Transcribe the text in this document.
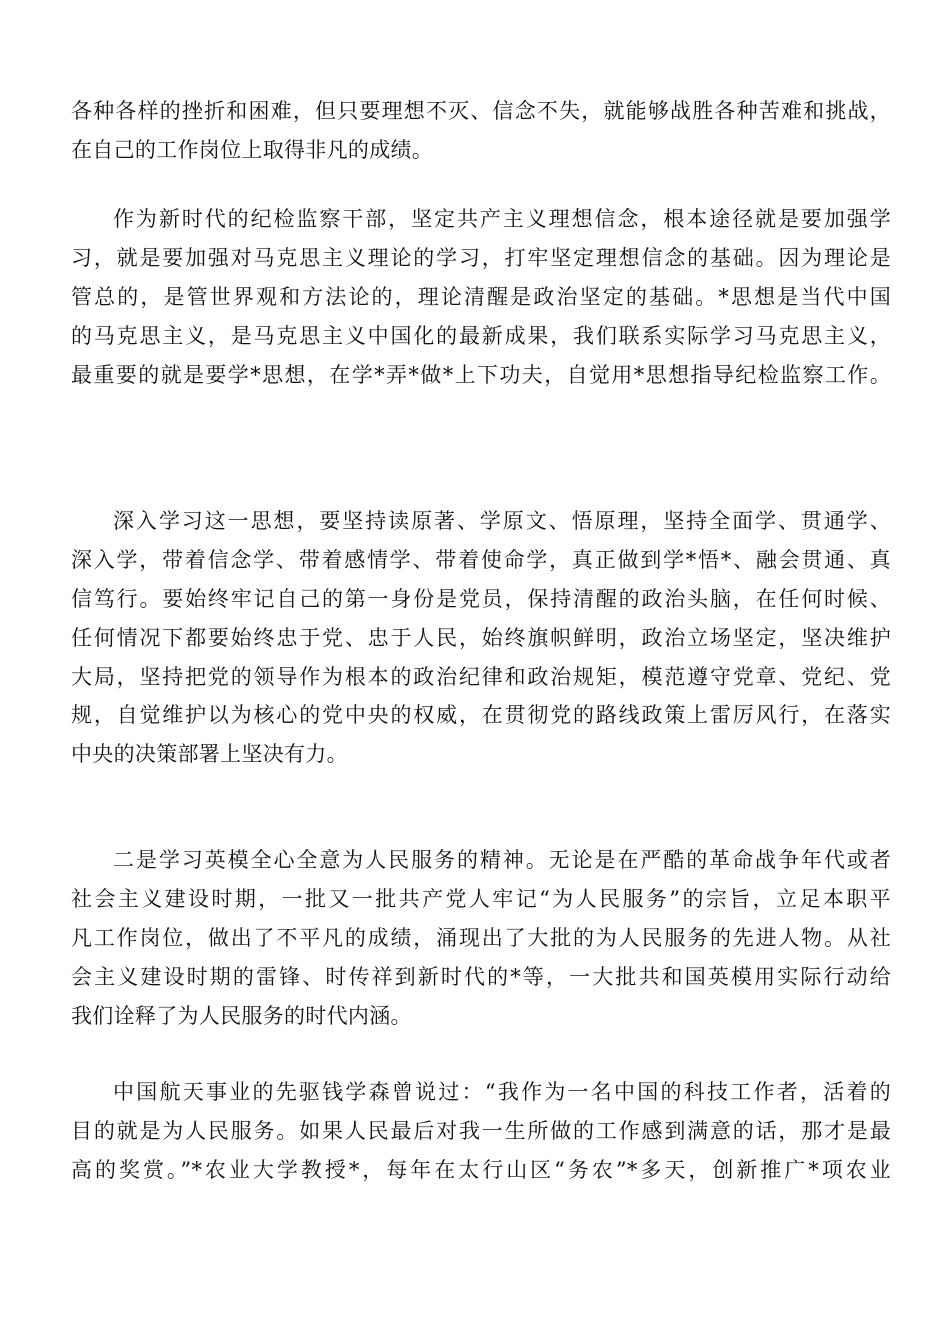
各种各样的挫折和困难，但只要理想不灭、信念不失，就能够战胜各种苦难和挑战，
在自己的工作岗位上取得非凡的成绩。
作为新时代的纪检监察干部，坚定共产主义理想信念，根本途径就是要加强学
习，就是要加强对马克思主义理论的学习，打牢坚定理想信念的基础。因为理论是
管总的，是管世界观和方法论的，理论清醒是政治坚定的基础。*思想是当代中国
的马克思主义，是马克思主义中国化的最新成果，我们联系实际学习马克思主义，
最重要的就是要学*思想，在学*弄*做*上下功夫，自觉用*思想指导纪检监察工作。
深入学习这一思想，要坚持读原著、学原文、悟原理，坚持全面学、贯通学、
深入学，带着信念学、带着感情学、带着使命学，真正做到学*悟*、融会贯通、真
信笃行。要始终牢记自己的第一身份是党员，保持清醒的政治头脑，在任何时候、
任何情况下都要始终忠于党、忠于人民，始终旗帜鲜明，政治立场坚定，坚决维护
大局，坚持把党的领导作为根本的政治纪律和政治规矩，模范遵守党章、党纪、党
规，自觉维护以为核心的党中央的权威，在贯彻党的路线政策上雷厉风行，在落实
中央的决策部署上坚决有力。
二是学习英模全心全意为人民服务的精神。无论是在严酷的革命战争年代或者
社会主义建设时期，一批又一批共产党人牢记“为人民服务”的宗旨，立足本职平
凡工作岗位，做出了不平凡的成绩，涌现出了大批的为人民服务的先进人物。从社
会主义建设时期的雷锋、时传祥到新时代的*等，一大批共和国英模用实际行动给
我们诠释了为人民服务的时代内涵。
中国航天事业的先驱钱学森曾说过：“我作为一名中国的科技工作者，活着的
目的就是为人民服务。如果人民最后对我一生所做的工作感到满意的话，那才是最
高的奖赏。”*农业大学教授*，每年在太行山区“务农”*多天，创新推广*项农业
